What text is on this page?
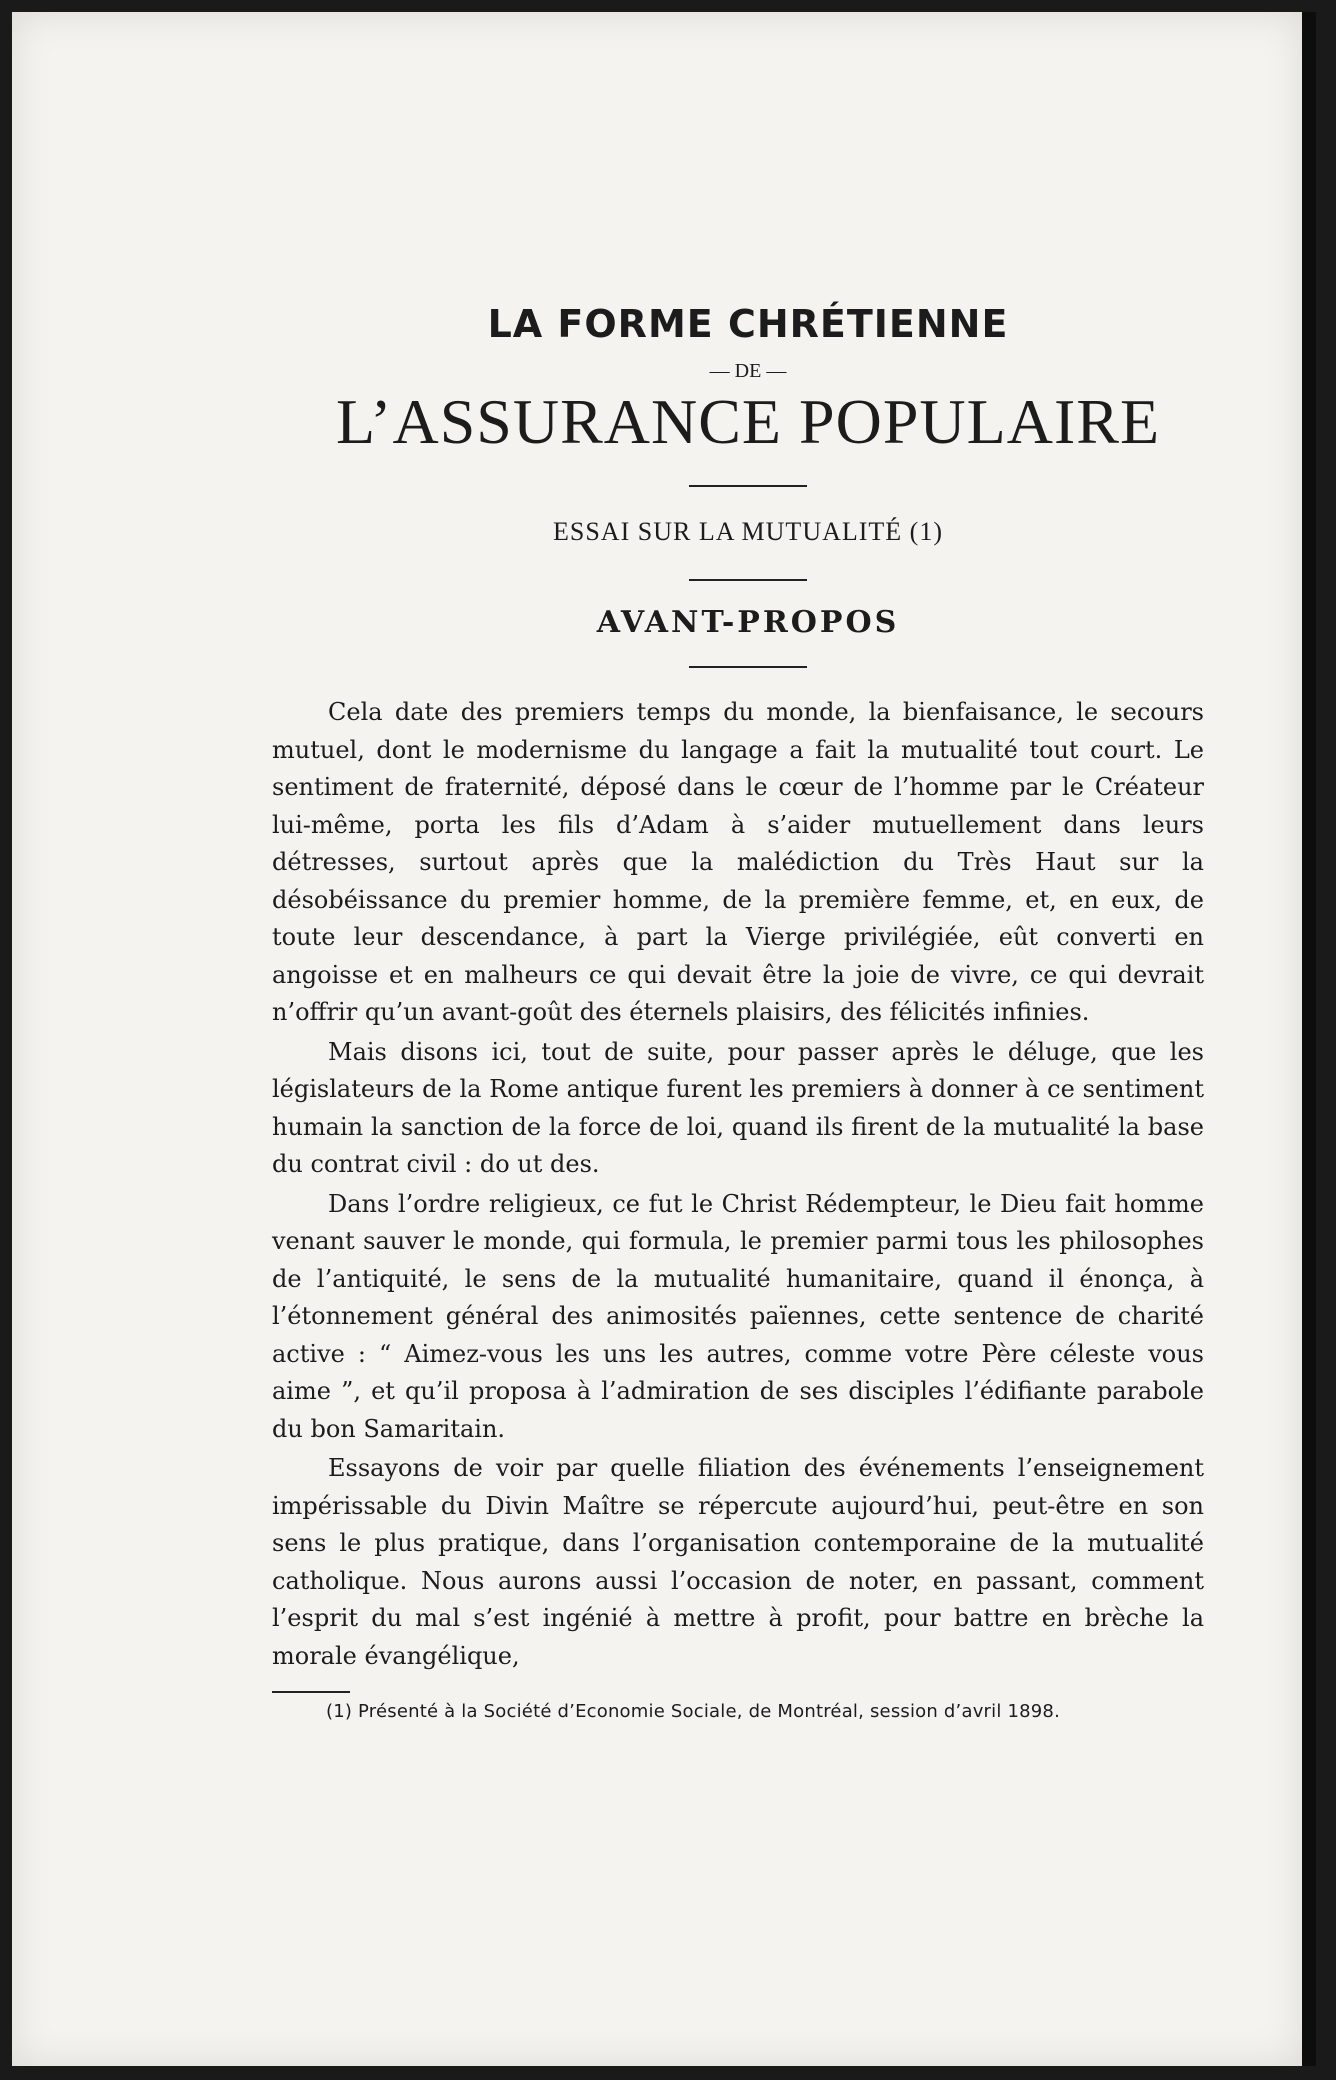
LA FORME CHRÉTIENNE
— DE —
L’ASSURANCE POPULAIRE
ESSAI SUR LA MUTUALITÉ (1)
AVANT-PROPOS

Cela date des premiers temps du monde, la bienfaisance, le secours mutuel, dont le modernisme du langage a fait la mutualité tout court. Le sentiment de fraternité, déposé dans le cœur de l’homme par le Créateur lui-même, porta les fils d’Adam à s’aider mutuellement dans leurs détresses, surtout après que la malédiction du Très Haut sur la désobéissance du premier homme, de la première femme, et, en eux, de toute leur descendance, à part la Vierge privilégiée, eût converti en angoisse et en malheurs ce qui devait être la joie de vivre, ce qui devrait n’offrir qu’un avant-goût des éternels plaisirs, des félicités infinies.

Mais disons ici, tout de suite, pour passer après le déluge, que les législateurs de la Rome antique furent les premiers à donner à ce sentiment humain la sanction de la force de loi, quand ils firent de la mutualité la base du contrat civil : do ut des.

Dans l’ordre religieux, ce fut le Christ Rédempteur, le Dieu fait homme venant sauver le monde, qui formula, le premier parmi tous les philosophes de l’antiquité, le sens de la mutualité humanitaire, quand il énonça, à l’étonnement général des animosités païennes, cette sentence de charité active : “ Aimez-vous les uns les autres, comme votre Père céleste vous aime ”, et qu’il proposa à l’admiration de ses disciples l’édifiante parabole du bon Samaritain.

Essayons de voir par quelle filiation des événements l’enseignement impérissable du Divin Maître se répercute aujourd’hui, peut-être en son sens le plus pratique, dans l’organisation contemporaine de la mutualité catholique. Nous aurons aussi l’occasion de noter, en passant, comment l’esprit du mal s’est ingénié à mettre à profit, pour battre en brèche la morale évangélique,

(1) Présenté à la Société d’Economie Sociale, de Montréal, session d’avril 1898.
